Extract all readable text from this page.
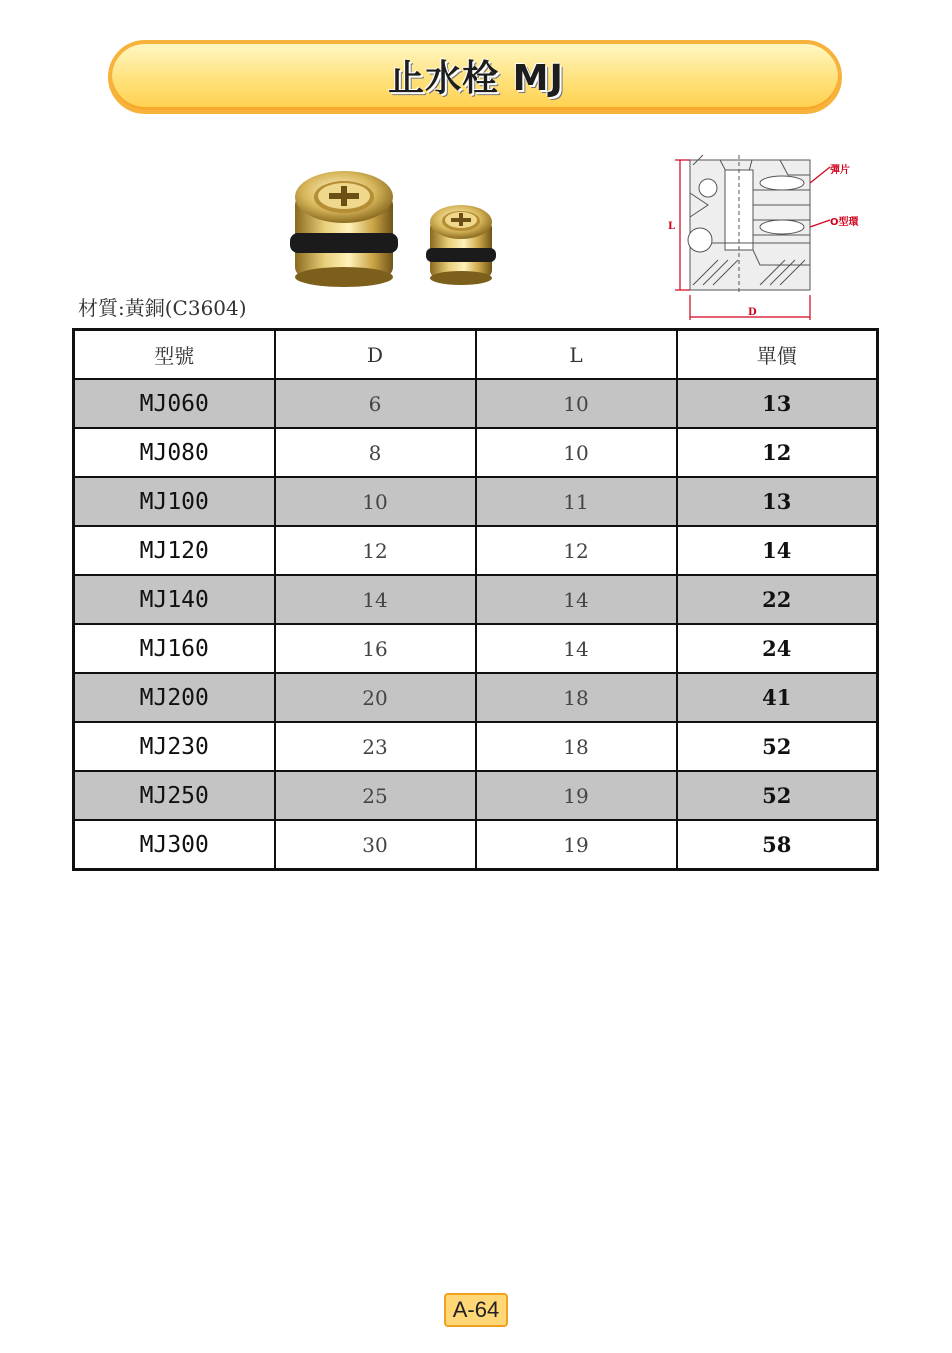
止水栓 MJ
材質:黃銅(C3604)
L
D
彈片
O型環
型號	D	L	單價
MJ060	6	10	13
MJ080	8	10	12
MJ100	10	11	13
MJ120	12	12	14
MJ140	14	14	22
MJ160	16	14	24
MJ200	20	18	41
MJ230	23	18	52
MJ250	25	19	52
MJ300	30	19	58
A-64
